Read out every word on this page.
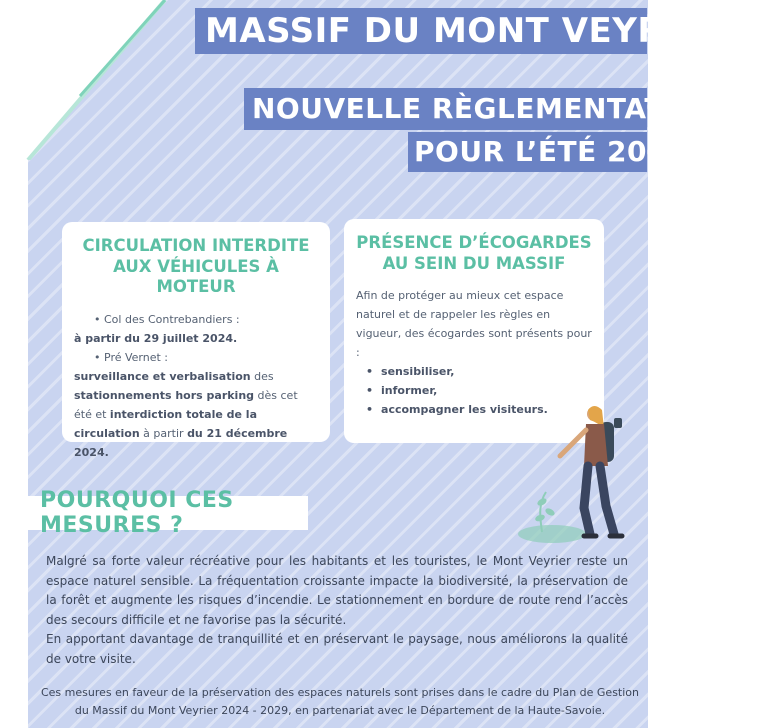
MASSIF DU MONT VEYRIER
NOUVELLE RÈGLEMENTATION
POUR L’ÉTÉ 2024
CIRCULATION INTERDITE AUX VÉHICULES À MOTEUR
• Col des Contrebandiers :
à partir du 29 juillet 2024.
• Pré Vernet :
surveillance et verbalisation des stationnements hors parking dès cet été et interdiction totale de la circulation à partir du 21 décembre 2024.
PRÉSENCE D’ÉCOGARDES AU SEIN DU MASSIF
Afin de protéger au mieux cet espace naturel et de rappeler les règles en vigueur, des écogardes sont présents pour :
• sensibiliser,
• informer,
• accompagner les visiteurs.
POURQUOI CES MESURES ?

Malgré sa forte valeur récréative pour les habitants et les touristes, le Mont Veyrier reste un espace naturel sensible. La fréquentation croissante impacte la biodiversité, la préservation de la forêt et augmente les risques d’incendie. Le stationnement en bordure de route rend l’accès des secours difficile et ne favorise pas la sécurité.

En apportant davantage de tranquillité et en préservant le paysage, nous améliorons la qualité de votre visite.

Ces mesures en faveur de la préservation des espaces naturels sont prises dans le cadre du Plan de Gestion du Massif du Mont Veyrier 2024 - 2029, en partenariat avec le Département de la Haute-Savoie.
